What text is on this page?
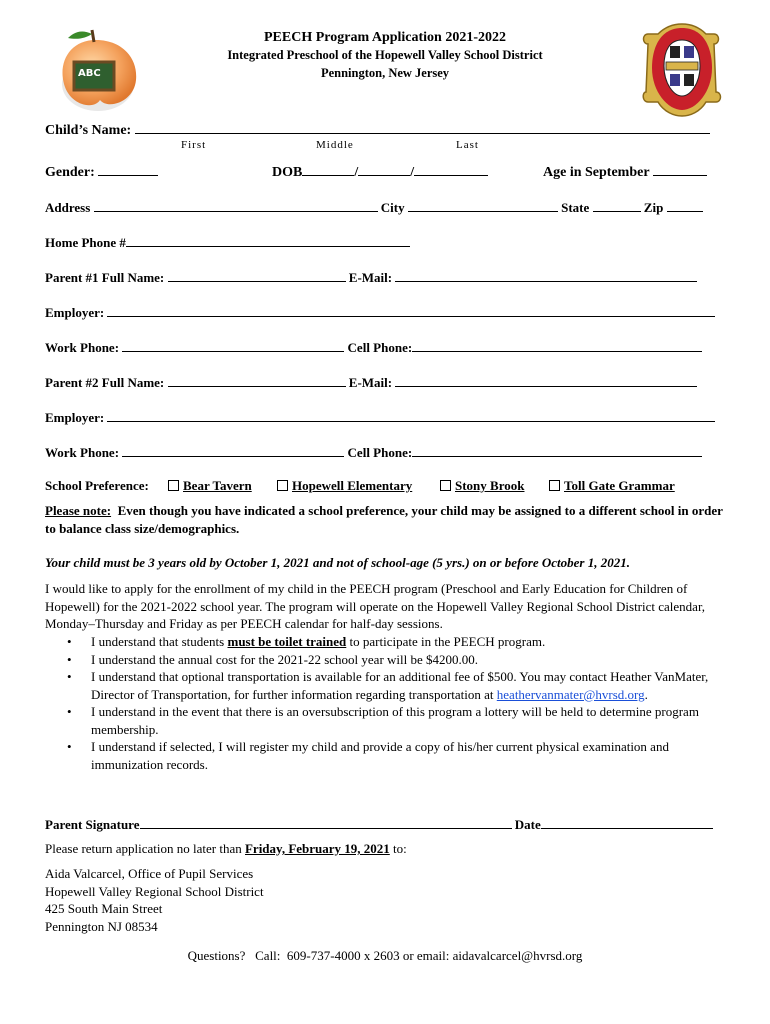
ABC
PEECH Program Application 2021-2022
Integrated Preschool of the Hopewell Valley School District
Pennington, New Jersey
Child’s Name:
First	Middle	Last
Gender:	DOB	/	/	Age in September
Address	City	State	Zip
Home Phone #
Parent #1 Full Name:	E-Mail:
Employer:
Work Phone:	Cell Phone:
Parent #2 Full Name:	E-Mail:
Employer:
Work Phone:	Cell Phone:
School Preference:	Bear Tavern	Hopewell Elementary	Stony Brook	Toll Gate Grammar
Please note: Even though you have indicated a school preference, your child may be assigned to a different school in order to balance class size/demographics.
Your child must be 3 years old by October 1, 2021 and not of school-age (5 yrs.) on or before October 1, 2021.
I would like to apply for the enrollment of my child in the PEECH program (Preschool and Early Education for Children of Hopewell) for the 2021-2022 school year. The program will operate on the Hopewell Valley Regional School District calendar, Monday–Thursday and Friday as per PEECH calendar for half-day sessions.
• I understand that students must be toilet trained to participate in the PEECH program.
• I understand the annual cost for the 2021-22 school year will be $4200.00.
• I understand that optional transportation is available for an additional fee of $500. You may contact Heather VanMater, Director of Transportation, for further information regarding transportation at heathervanmater@hvrsd.org.
• I understand in the event that there is an oversubscription of this program a lottery will be held to determine program membership.
• I understand if selected, I will register my child and provide a copy of his/her current physical examination and immunization records.
Parent Signature	Date
Please return application no later than Friday, February 19, 2021 to:
Aida Valcarcel, Office of Pupil Services
Hopewell Valley Regional School District
425 South Main Street
Pennington NJ 08534
Questions?   Call:  609-737-4000 x 2603 or email: aidavalcarcel@hvrsd.org
